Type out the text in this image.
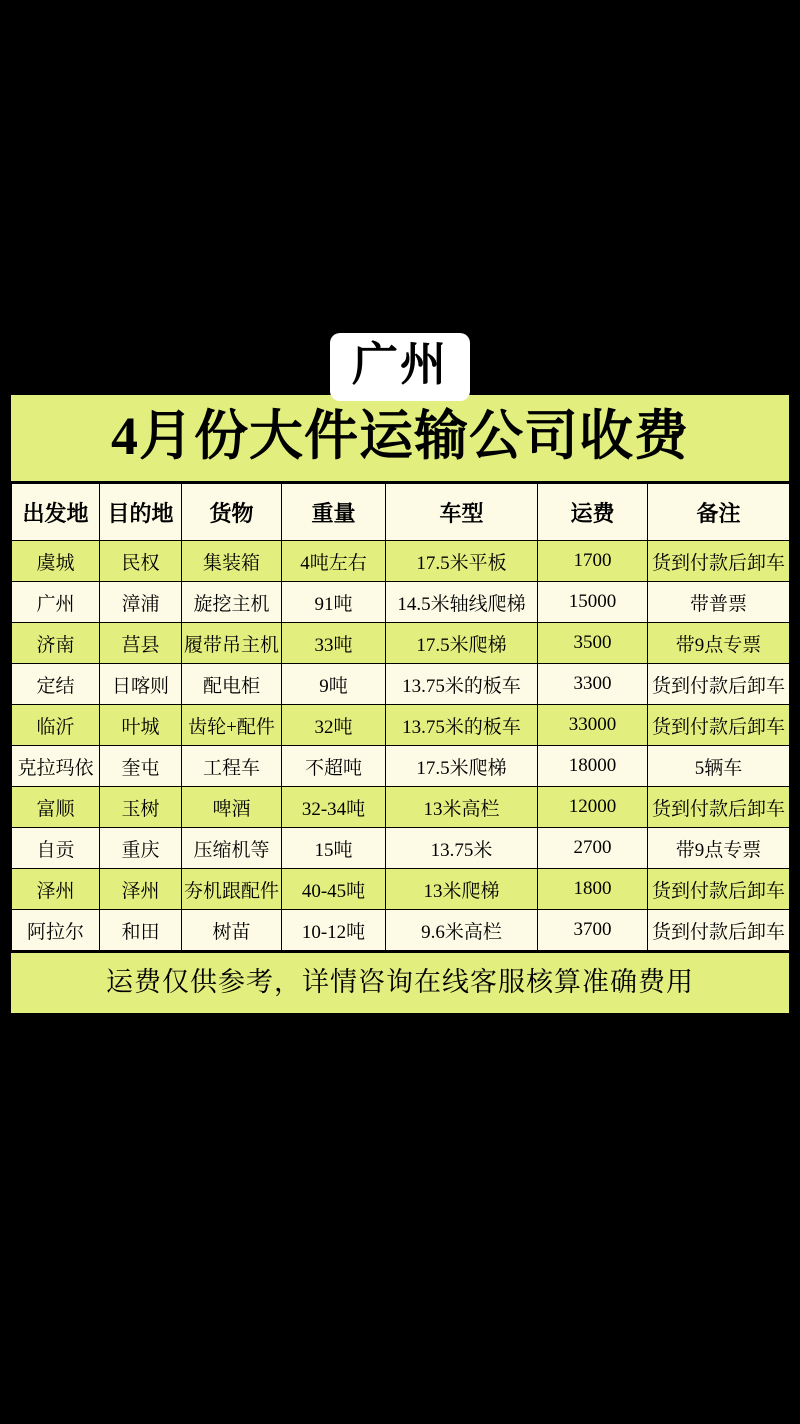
广州
4月份大件运输公司收费
出发地	目的地	货物	重量	车型	运费	备注
虞城	民权	集装箱	4吨左右	17.5米平板	1700	货到付款后卸车
广州	漳浦	旋挖主机	91吨	14.5米轴线爬梯	15000	带普票
济南	莒县	履带吊主机	33吨	17.5米爬梯	3500	带9点专票
定结	日喀则	配电柜	9吨	13.75米的板车	3300	货到付款后卸车
临沂	叶城	齿轮+配件	32吨	13.75米的板车	33000	货到付款后卸车
克拉玛依	奎屯	工程车	不超吨	17.5米爬梯	18000	5辆车
富顺	玉树	啤酒	32-34吨	13米高栏	12000	货到付款后卸车
自贡	重庆	压缩机等	15吨	13.75米	2700	带9点专票
泽州	泽州	夯机跟配件	40-45吨	13米爬梯	1800	货到付款后卸车
阿拉尔	和田	树苗	10-12吨	9.6米高栏	3700	货到付款后卸车
运费仅供参考，详情咨询在线客服核算准确费用
